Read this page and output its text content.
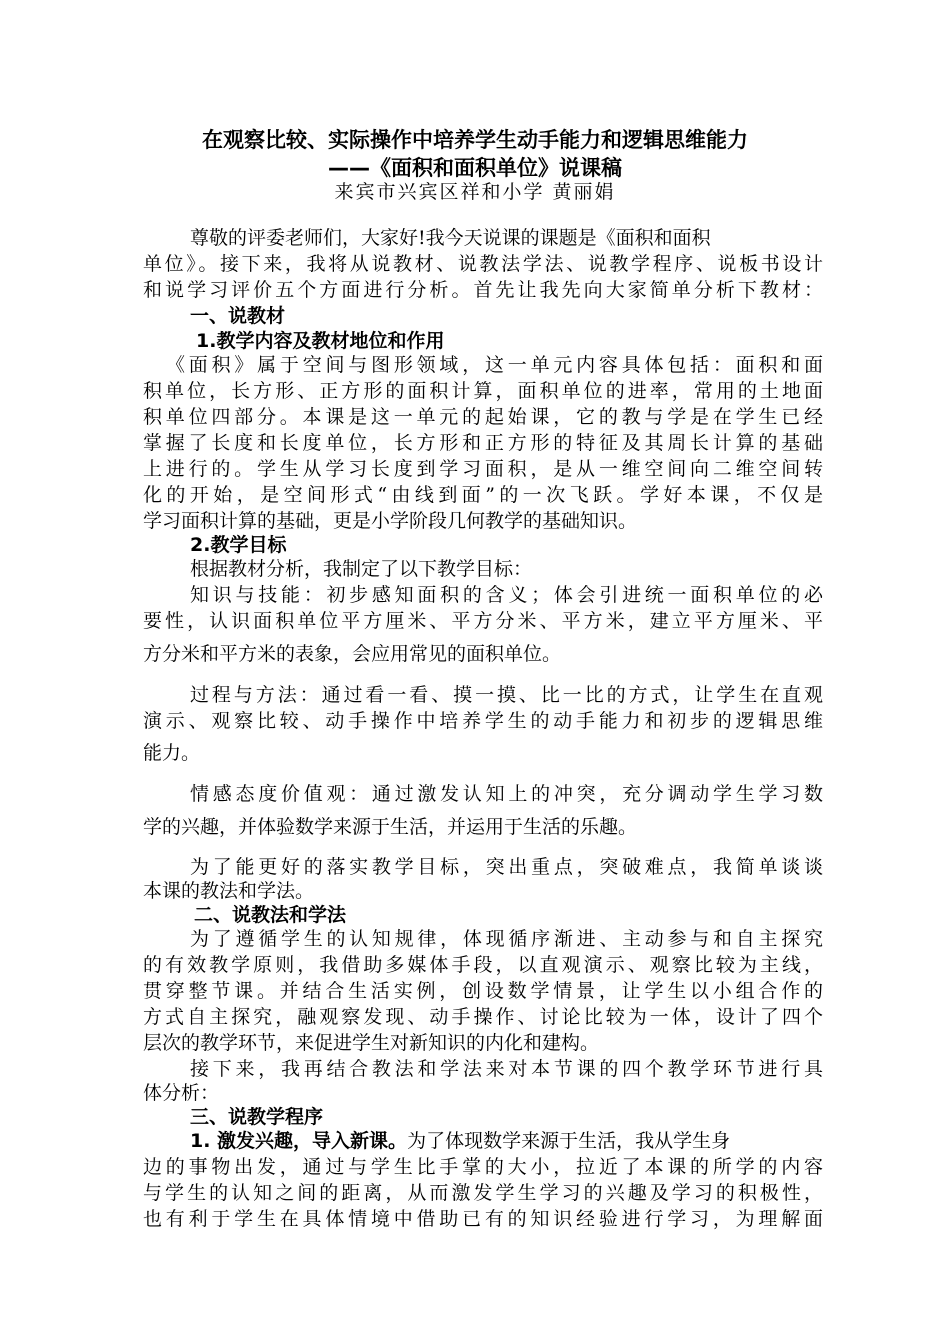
在观察比较、实际操作中培养学生动手能力和逻辑思维能力
——《面积和面积单位》说课稿
来宾市兴宾区祥和小学 黄丽娟
尊敬的评委老师们，大家好!我今天说课的课题是《面积和面积
单位》。接下来，我将从说教材、说教法学法、说教学程序、说板书设计
和说学习评价五个方面进行分析。首先让我先向大家简单分析下教材：
一、说教材
1.教学内容及教材地位和作用
《面积》属于空间与图形领域，这一单元内容具体包括：面积和面
积单位，长方形、正方形的面积计算，面积单位的进率，常用的土地面
积单位四部分。本课是这一单元的起始课，它的教与学是在学生已经
掌握了长度和长度单位，长方形和正方形的特征及其周长计算的基础
上进行的。学生从学习长度到学习面积，是从一维空间向二维空间转
化的开始，是空间形式“由线到面”的一次飞跃。学好本课，不仅是
学习面积计算的基础，更是小学阶段几何教学的基础知识。
2.教学目标
根据教材分析，我制定了以下教学目标：
知识与技能：初步感知面积的含义；体会引进统一面积单位的必
要性，认识面积单位平方厘米、平方分米、平方米，建立平方厘米、平
方分米和平方米的表象，会应用常见的面积单位。
过程与方法：通过看一看、摸一摸、比一比的方式，让学生在直观
演示、观察比较、动手操作中培养学生的动手能力和初步的逻辑思维
能力。
情感态度价值观：通过激发认知上的冲突，充分调动学生学习数
学的兴趣，并体验数学来源于生活，并运用于生活的乐趣。
为了能更好的落实教学目标，突出重点，突破难点，我简单谈谈
本课的教法和学法。
二、说教法和学法
为了遵循学生的认知规律，体现循序渐进、主动参与和自主探究
的有效教学原则，我借助多媒体手段，以直观演示、观察比较为主线，
贯穿整节课。并结合生活实例，创设数学情景，让学生以小组合作的
方式自主探究，融观察发现、动手操作、讨论比较为一体，设计了四个
层次的教学环节，来促进学生对新知识的内化和建构。
接下来，我再结合教法和学法来对本节课的四个教学环节进行具
体分析：
三、说教学程序
1. 激发兴趣，导入新课。为了体现数学来源于生活，我从学生身
边的事物出发，通过与学生比手掌的大小，拉近了本课的所学的内容
与学生的认知之间的距离，从而激发学生学习的兴趣及学习的积极性，
也有利于学生在具体情境中借助已有的知识经验进行学习，为理解面
